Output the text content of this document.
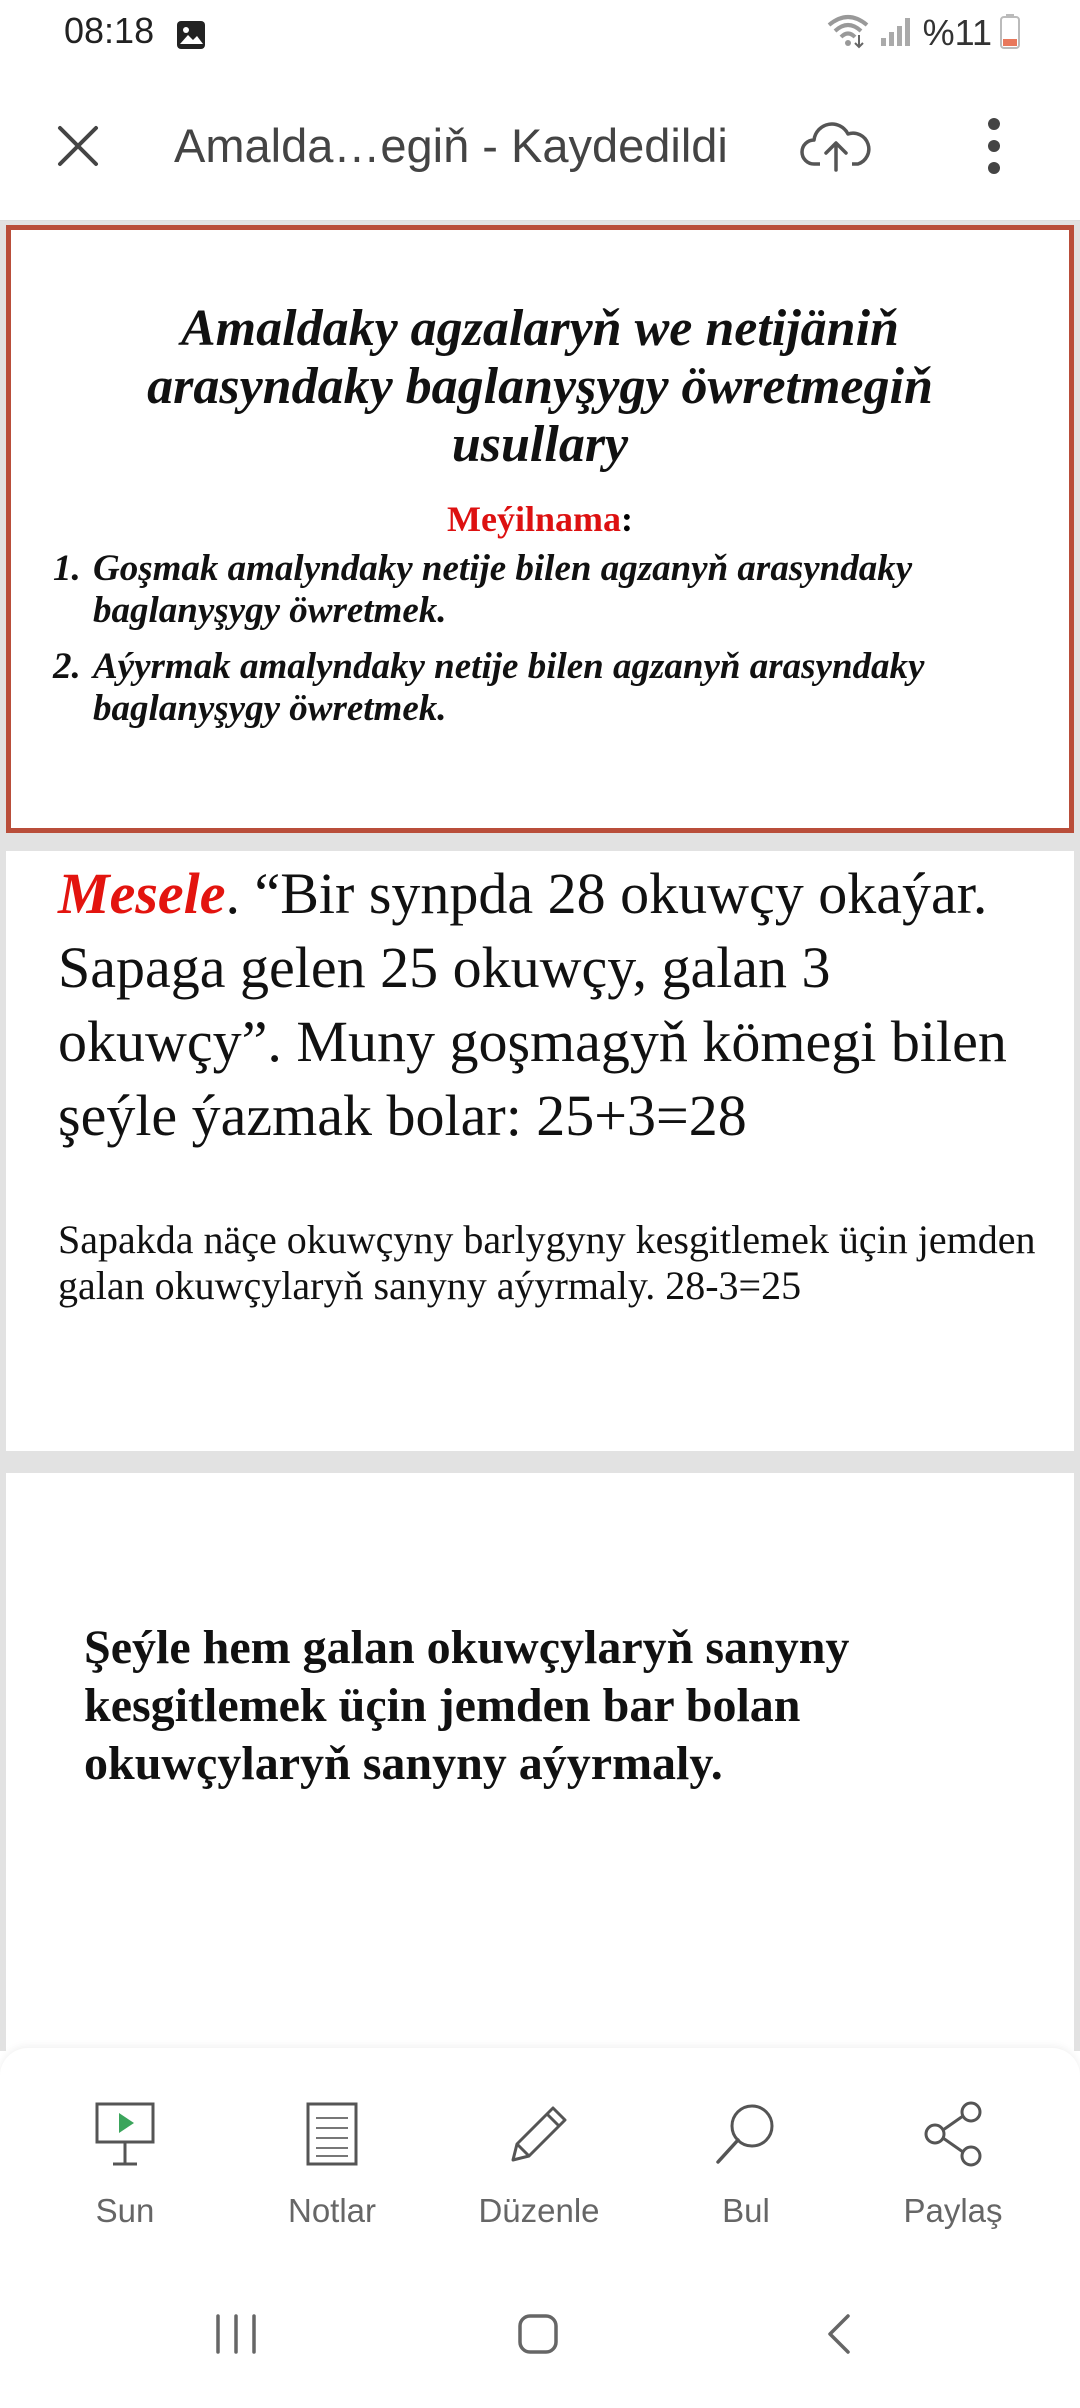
08:18	%11
Amalda…egiň - Kaydedildi
Amaldaky agzalaryň we netijäniň arasyndaky baglanyşygy öwretmegiň usullary
Meýilnama:
1. Goşmak amalyndaky netije bilen agzanyň arasyndaky baglanyşygy öwretmek.
2. Aýyrmak amalyndaky netije bilen agzanyň arasyndaky baglanyşygy öwretmek.
Mesele. “Bir synpda 28 okuwçy okaýar. Sapaga gelen 25 okuwçy, galan 3 okuwçy”. Muny goşmagyň kömegi bilen şeýle ýazmak bolar: 25+3=28
Sapakda näçe okuwçyny barlygyny kesgitlemek üçin jemden galan okuwçylaryň sanyny aýyrmaly. 28-3=25
Şeýle hem galan okuwçylaryň sanyny kesgitlemek üçin jemden bar bolan okuwçylaryň sanyny aýyrmaly.
Sun	Notlar	Düzenle	Bul	Paylaş
